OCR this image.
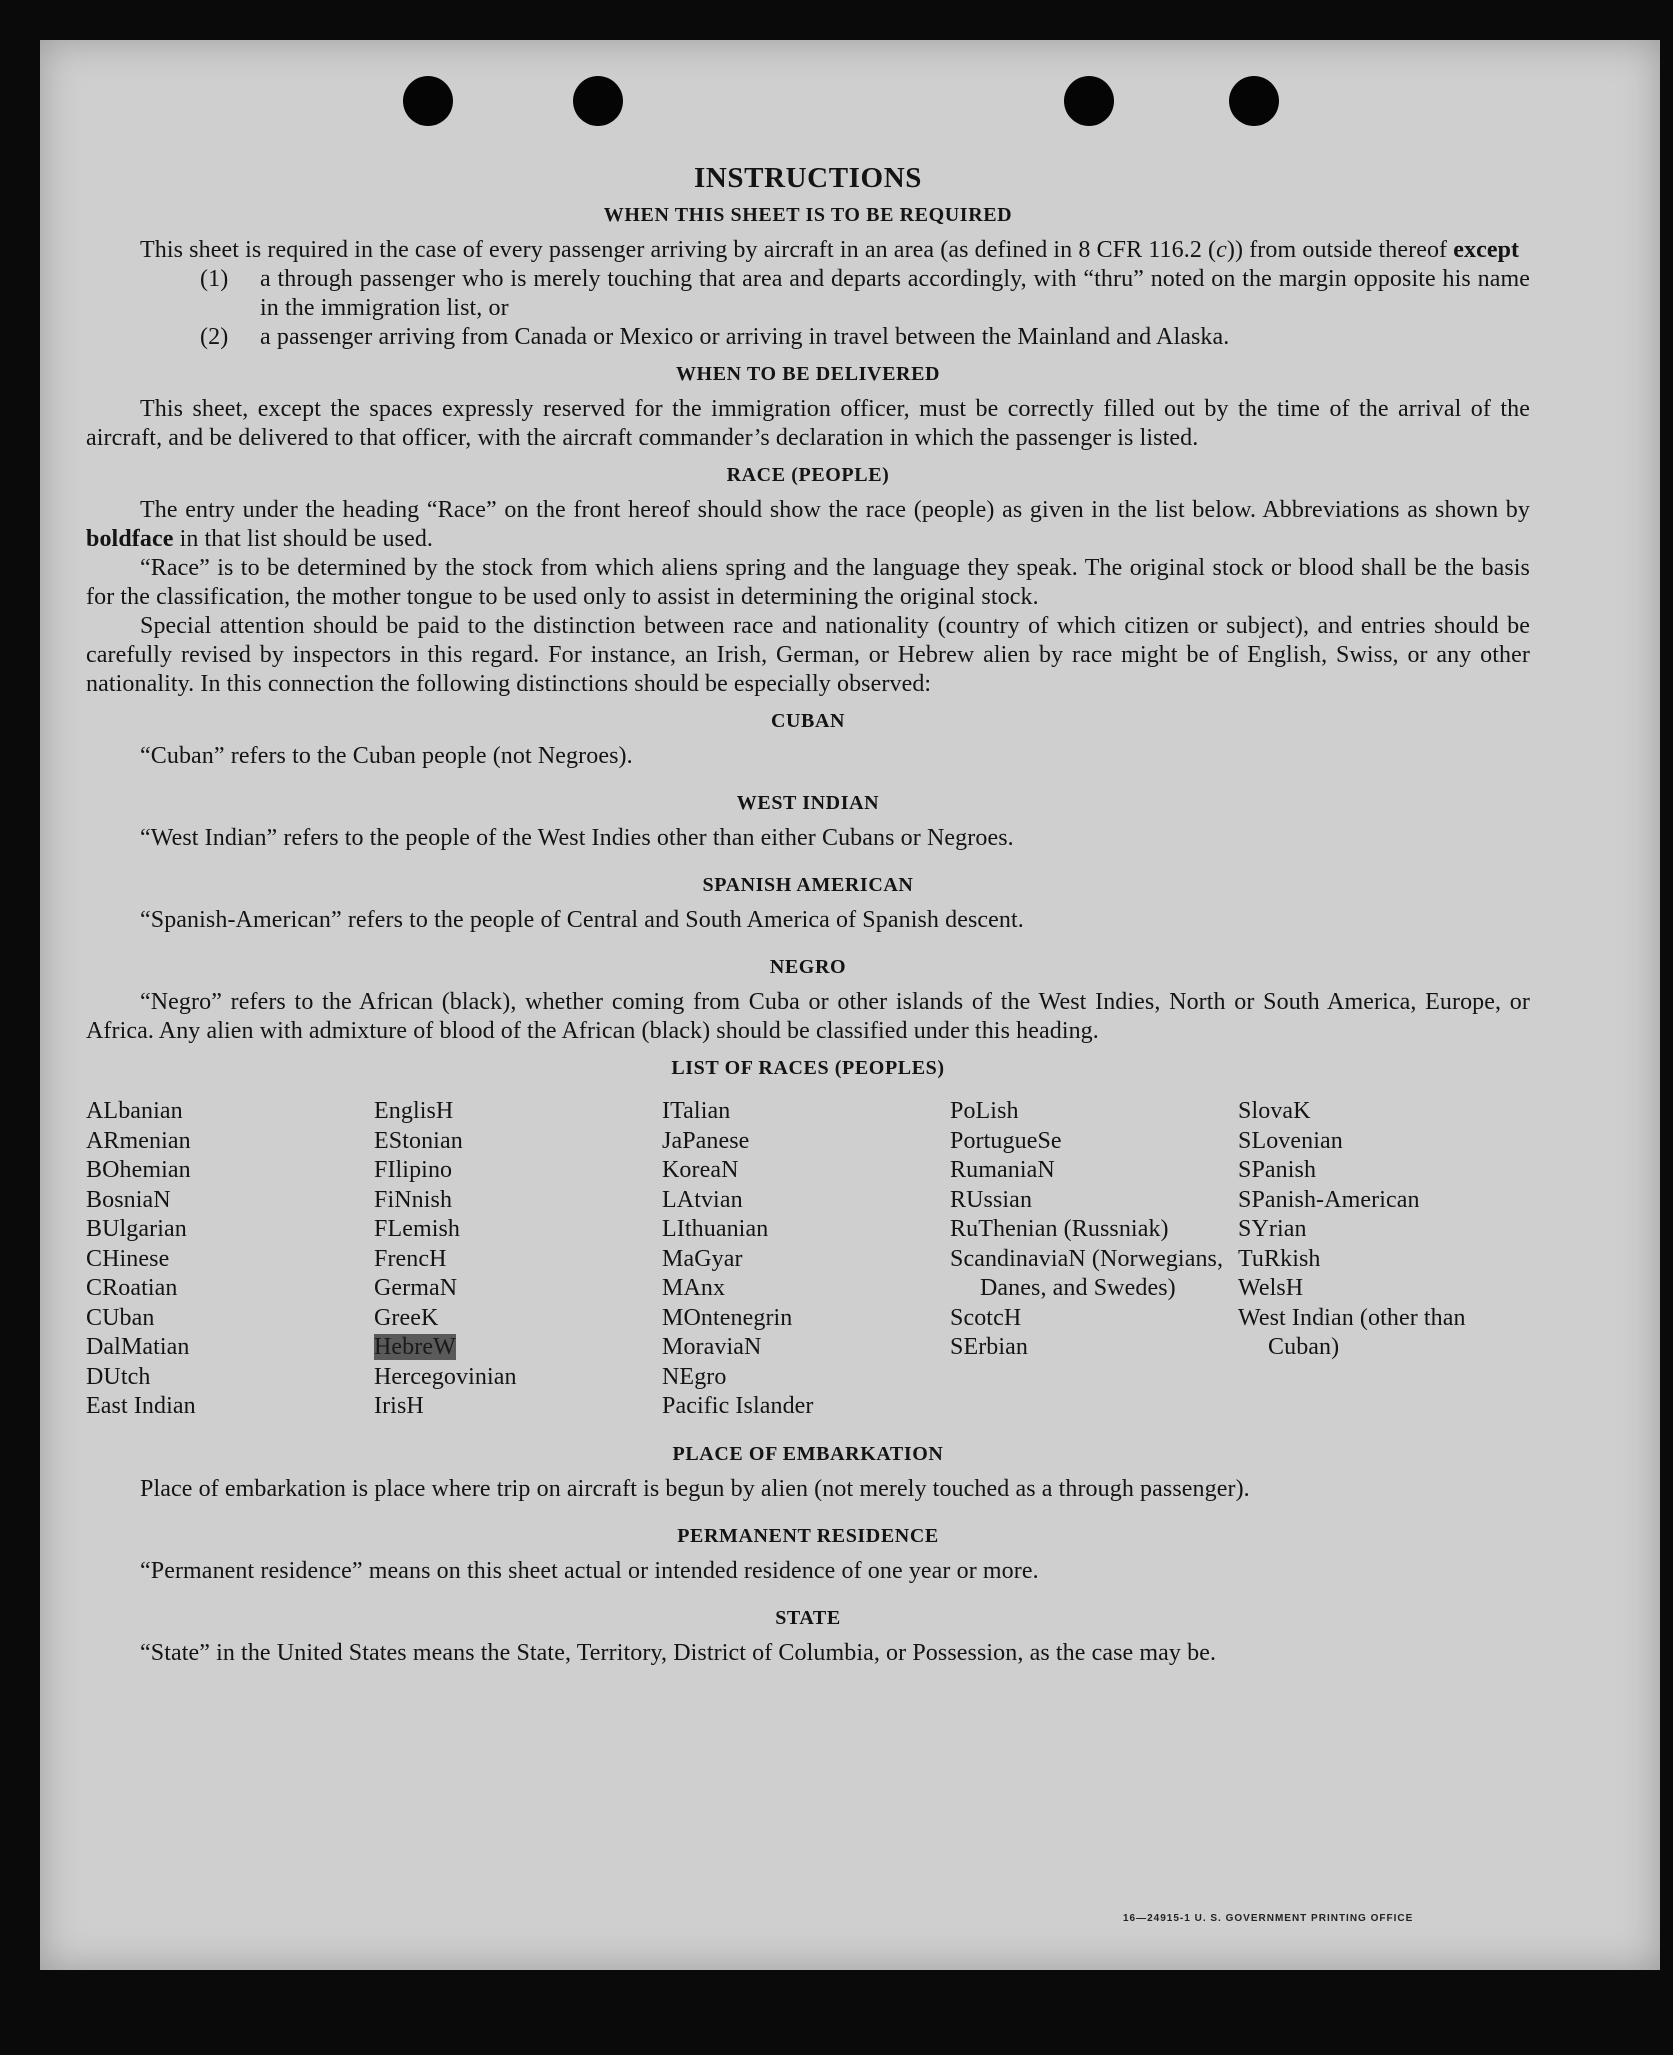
INSTRUCTIONS
WHEN THIS SHEET IS TO BE REQUIRED

This sheet is required in the case of every passenger arriving by aircraft in an area (as defined in 8 CFR 116.2 (c)) from outside thereof except

(1)	a through passenger who is merely touching that area and departs accordingly, with “thru” noted on the margin opposite his name in the immigration list, or
(2)	a passenger arriving from Canada or Mexico or arriving in travel between the Mainland and Alaska.
WHEN TO BE DELIVERED

This sheet, except the spaces expressly reserved for the immigration officer, must be correctly filled out by the time of the arrival of the aircraft, and be delivered to that officer, with the aircraft commander’s declaration in which the passenger is listed.

RACE (PEOPLE)

The entry under the heading “Race” on the front hereof should show the race (people) as given in the list below. Abbreviations as shown by boldface in that list should be used.

“Race” is to be determined by the stock from which aliens spring and the language they speak. The original stock or blood shall be the basis for the classification, the mother tongue to be used only to assist in determining the original stock.

Special attention should be paid to the distinction between race and nationality (country of which citizen or subject), and entries should be carefully revised by inspectors in this regard. For instance, an Irish, German, or Hebrew alien by race might be of English, Swiss, or any other nationality. In this connection the following distinctions should be especially observed:

CUBAN

“Cuban” refers to the Cuban people (not Negroes).

WEST INDIAN

“West Indian” refers to the people of the West Indies other than either Cubans or Negroes.

SPANISH AMERICAN

“Spanish-American” refers to the people of Central and South America of Spanish descent.

NEGRO

“Negro” refers to the African (black), whether coming from Cuba or other islands of the West Indies, North or South America, Europe, or Africa. Any alien with admixture of blood of the African (black) should be classified under this heading.

LIST OF RACES (PEOPLES)
ALbanian
ARmenian
BOhemian
BosniaN
BUlgarian
CHinese
CRoatian
CUban
DalMatian
DUtch
East Indian
EnglisH
EStonian
FIlipino
FiNnish
FLemish
FrencH
GermaN
GreeK
HebreW
Hercegovinian
IrisH
ITalian
JaPanese
KoreaN
LAtvian
LIthuanian
MaGyar
MAnx
MOntenegrin
MoraviaN
NEgro
Pacific Islander
PoLish
PortugueSe
RumaniaN
RUssian
RuThenian (Russniak)
ScandinaviaN (Norwegians, Danes, and Swedes)
ScotcH
SErbian
SlovaK
SLovenian
SPanish
SPanish-American
SYrian
TuRkish
WelsH
West Indian (other than Cuban)
PLACE OF EMBARKATION

Place of embarkation is place where trip on aircraft is begun by alien (not merely touched as a through passenger).

PERMANENT RESIDENCE

“Permanent residence” means on this sheet actual or intended residence of one year or more.

STATE

“State” in the United States means the State, Territory, District of Columbia, or Possession, as the case may be.

16—24915-1 U. S. GOVERNMENT PRINTING OFFICE
